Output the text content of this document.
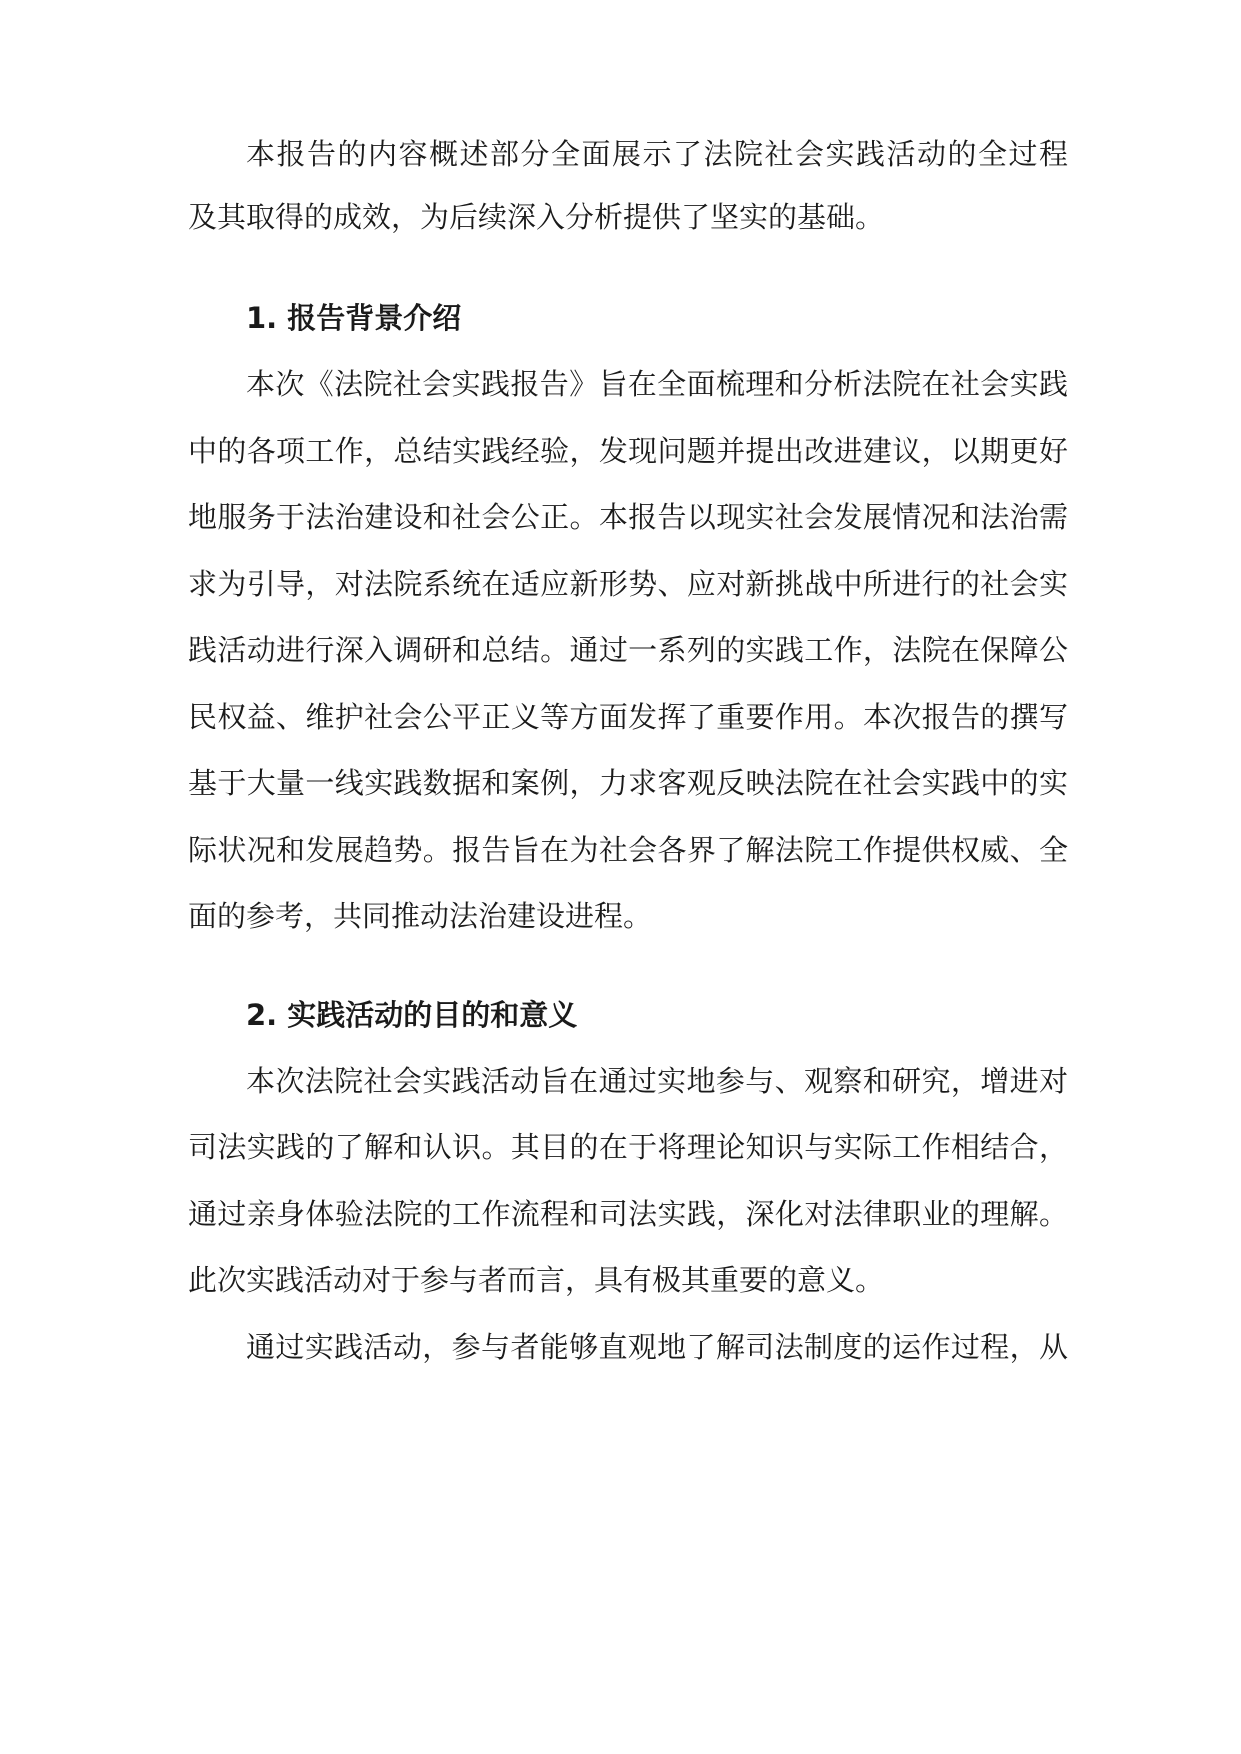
本报告的内容概述部分全面展示了法院社会实践活动的全过程
及其取得的成效，为后续深入分析提供了坚实的基础。
1. 报告背景介绍
本次《法院社会实践报告》旨在全面梳理和分析法院在社会实践
中的各项工作，总结实践经验，发现问题并提出改进建议，以期更好
地服务于法治建设和社会公正。本报告以现实社会发展情况和法治需
求为引导，对法院系统在适应新形势、应对新挑战中所进行的社会实
践活动进行深入调研和总结。通过一系列的实践工作，法院在保障公
民权益、维护社会公平正义等方面发挥了重要作用。本次报告的撰写
基于大量一线实践数据和案例，力求客观反映法院在社会实践中的实
际状况和发展趋势。报告旨在为社会各界了解法院工作提供权威、全
面的参考，共同推动法治建设进程。
2. 实践活动的目的和意义
本次法院社会实践活动旨在通过实地参与、观察和研究，增进对
司法实践的了解和认识。其目的在于将理论知识与实际工作相结合，
通过亲身体验法院的工作流程和司法实践，深化对法律职业的理解。
此次实践活动对于参与者而言，具有极其重要的意义。
通过实践活动，参与者能够直观地了解司法制度的运作过程，从
